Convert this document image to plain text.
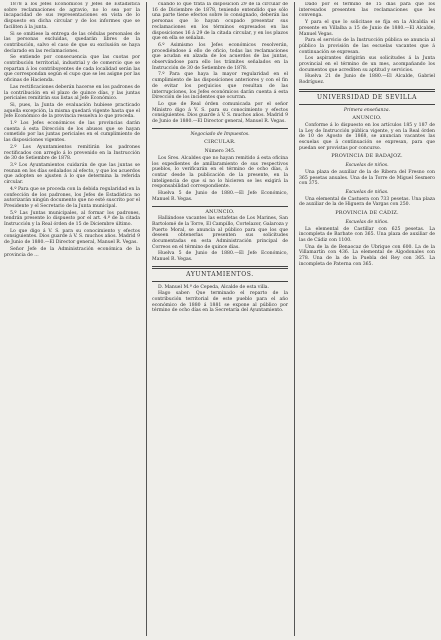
1878 á los Jefes Económicos y Jefes de Estadística sobre reclamaciones de agravio, no lo sea por la incapacidad de sus representaciones en vista de lo dispuesto en dicha circular y de los informes que se faciliten á la junta.

Si se omitiese la entrega de las cédulas personales de las personas excluidas, quedarán libres de la contribución, salvo el caso de que su exclusión se haya declarado en las reclamaciones.

Se entiende por consecuencia que las cuotas por contribución territorial, industrial y de comercio que se repartan á los contribuyentes de cada localidad serán las que correspondan según el cupo que se les asigne por las oficinas de Hacienda.

Las rectificaciones deberán hacerse en los padrones de la contribución en el plazo de quince días, y las juntas periciales remitirán sus listas al Jefe Económico.

Si, pues, la Junta de evaluación hubiese practicado aquella excepción, la misma quedará vigente hasta que el Jefe Económico de la provincia resuelva lo que proceda.

1.º Los Jefes económicos de las provincias darán cuenta á esta Dirección de los abusos que se hayan cometido por las juntas periciales en el cumplimiento de las disposiciones vigentes.

2.º Los Ayuntamientos remitirán los padrones rectificados con arreglo á lo prevenido en la Instrucción de 30 de Setiembre de 1878.

3.º Los Ayuntamientos cuidarán de que las juntas se reunan en los días señalados al efecto, y que los acuerdos que adopten se ajusten á lo que determina la referida circular.

4.º Para que se proceda con la debida regularidad en la confección de los padrones, los Jefes de Estadística no autorizarán ningún documento que no esté suscrito por el Presidente y el Secretario de la Junta municipal.

5.º Las Juntas municipales, al formar los padrones, tendrán presente lo dispuesto por el art. 4.º de la citada Instrucción y la Real órden de 15 de Diciembre último.

Lo que digo á V. S. para su conocimiento y efectos consiguientes. Dios guarde á V. S. muchos años. Madrid 9 de Junio de 1880.—El Director general, Manuel R. Vegas.

Señor Jefe de la Administración económica de la provincia de ...

cuando lo que trata la disposición 29 de la circular de 16 de Diciembre de 1878, teniendo entendido que sólo una parte tiene efectos sobre lo consignado, deberán las personas que lo hayan ocupado presentar sus reclamaciones en los términos expresados en las disposiciones 16 á 29 de la citada circular, y en los plazos que en ella se señalan.

6.º Asimismo los Jefes económicos resolverán, procediéndose á ello de oficio, todas las reclamaciones que acudan en alzada de los acuerdos de las juntas, observándose para ello los trámites señalados en la Instrucción de 30 de Setiembre de 1878.

7.º Para que haya la mayor regularidad en el cumplimiento de las disposiciones anteriores y con el fin de evitar los perjuicios que resultan de las interrupciones, los Jefes económicos darán cuenta á esta Dirección de los incidentes que ocurran.

Lo que de Real órden comunicada por el señor Ministro digo á V. S. para su conocimiento y efectos consiguientes. Dios guarde á V. S. muchos años. Madrid 9 de Junio de 1880.—El Director general, Manuel R. Vegas.

Negociado de Impuestos.
CIRCULAR.
Número 345.

Los Sres. Alcaldes que no hayan remitido á esta oficina los expedientes de amillaramiento de sus respectivos pueblos, lo verificarán en el término de ocho días, á contar desde la publicación de la presente, en la inteligencia de que si no lo hicieren se les exigirá la responsabilidad correspondiente.

Huelva 5 de Junio de 1880.—El Jefe Económico, Manuel R. Vegas.

ANUNCIO.

Hallándose vacantes las estafetas de Los Marines, San Bartolomé de la Torre, El Campillo, Cortelazor, Galaroza y Puerto Moral, se anuncia al público para que los que deseen obtenerlas presenten sus solicitudes documentadas en esta Administración principal de Correos en el término de quince días.

Huelva 5 de Junio de 1880.—El Jefe Económico, Manuel R. Vegas.

AYUNTAMIENTOS.

D. Manuel M.ª de Cepeda, Alcalde de esta villa.

Hago saber: Que terminado el reparto de la contribución territorial de este pueblo para el año económico de 1880 á 1881 se expone al público por término de ocho días en la Secretaría del Ayuntamiento.

Dado por el término de 15 días para que los interesados presenten las reclamaciones que les convenga.

Y para el que lo solicitase se fija en la Alcaldía el presente en Villalba a 15 de Junio de 1880.—El Alcalde, Manuel Vegas.

Para el servicio de la Instrucción pública se anuncia al público la provisión de las escuelas vacantes que á continuación se expresan.

Los aspirantes dirigirán sus solicitudes á la Junta provincial en el término de un mes, acompañando los documentos que acrediten su aptitud y servicios.

Huelva 21 de Junio de 1880.—El Alcalde, Gabriel Rodríguez.

UNIVERSIDAD DE SEVILLA
Primera enseñanza.
ANUNCIO.

Conforme á lo dispuesto en los artículos 185 y 187 de la Ley de Instrucción pública vigente, y en la Real órden de 10 de Agosto de 1868, se anuncian vacantes las escuelas que á continuación se expresan, para que puedan ser provistas por concurso.

PROVINCIA DE BADAJOZ.
Escuelas de niños.

Una plaza de auxiliar de la de Ribera del Fresno con 365 pesetas anuales. Una de la Torre de Miguel Sesmero con 375.

Escuelas de niñas.

Una elemental de Castuera con 733 pesetas. Una plaza de auxiliar de la de Higuera de Vargas con 250.

PROVINCIA DE CÁDIZ.
Escuelas de niños.

La elemental de Castillar con 625 pesetas. La incompleta de Barbate con 365. Una plaza de auxiliar de las de Cádiz con 1100.

Una de la de Benaocaz de Ubrique con 600. La de la Villamartín con 436. La elemental de Algodonales con 278. Una de la de la Puebla del Rey con 365. La incompleta de Paterna con 365.
